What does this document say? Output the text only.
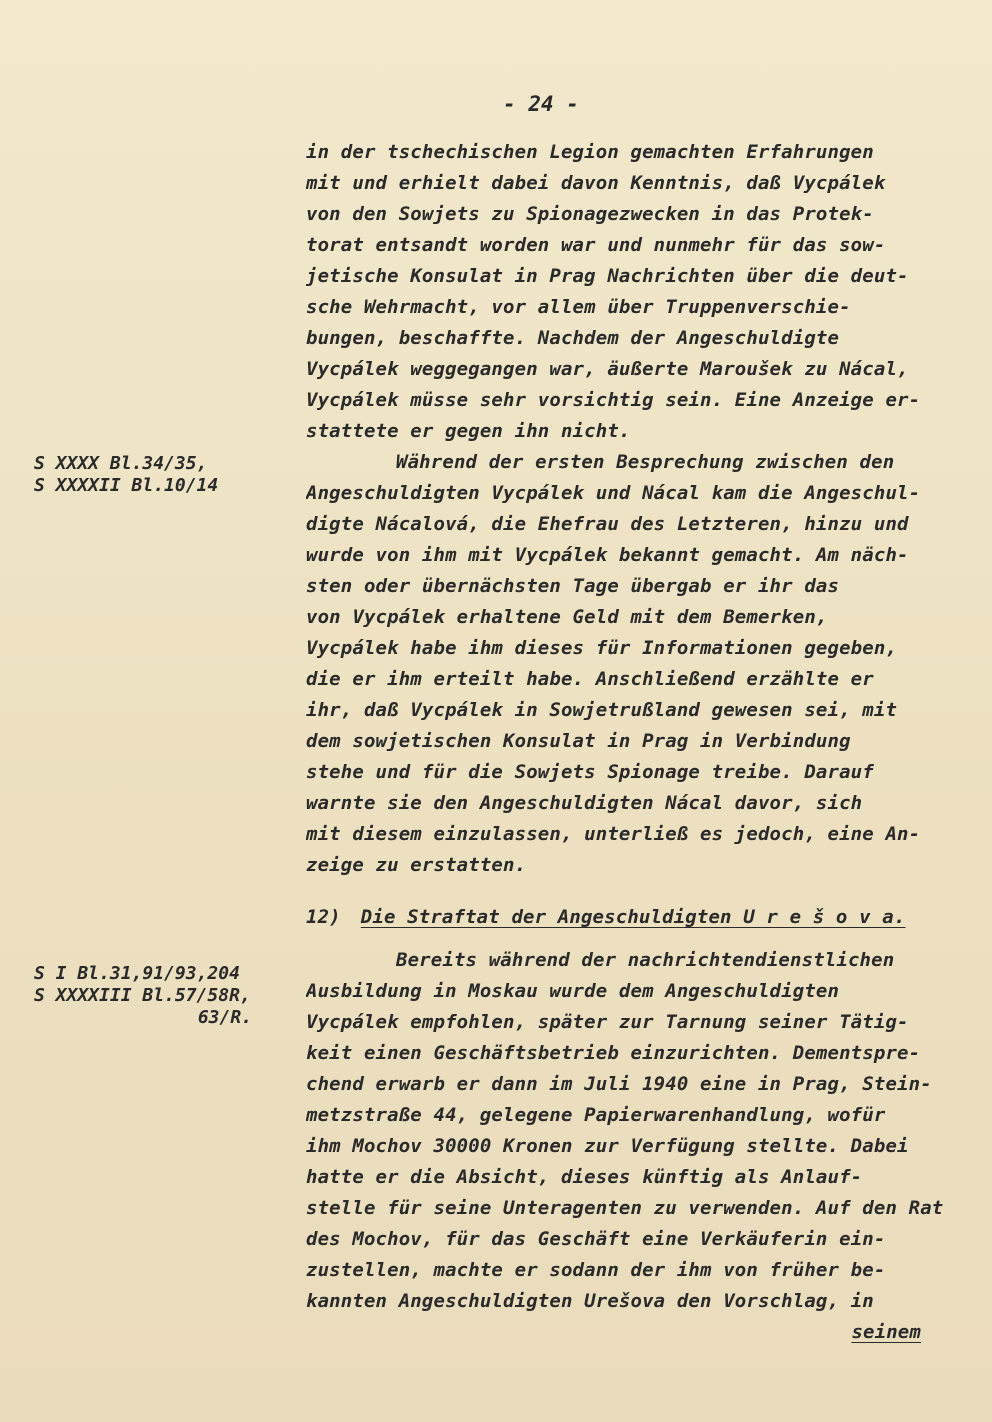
- 24 -
S XXXX Bl.34/35,
S XXXXII Bl.10/14
S I Bl.31,91/93,204
S XXXXIII Bl.57/58R,
63/R.
in der tschechischen Legion gemachten Erfahrungen
mit und erhielt dabei davon Kenntnis, daß Vycpálek
von den Sowjets zu Spionagezwecken in das Protek-
torat entsandt worden war und nunmehr für das sow-
jetische Konsulat in Prag Nachrichten über die deut-
sche Wehrmacht, vor allem über Truppenverschie-
bungen, beschaffte. Nachdem der Angeschuldigte
Vycpálek weggegangen war, äußerte Maroušek zu Nácal,
Vycpálek müsse sehr vorsichtig sein. Eine Anzeige er-
stattete er gegen ihn nicht.
Während der ersten Besprechung zwischen den
Angeschuldigten Vycpálek und Nácal kam die Angeschul-
digte Nácalová, die Ehefrau des Letzteren, hinzu und
wurde von ihm mit Vycpálek bekannt gemacht. Am näch-
sten oder übernächsten Tage übergab er ihr das
von Vycpálek erhaltene Geld mit dem Bemerken,
Vycpálek habe ihm dieses für Informationen gegeben,
die er ihm erteilt habe. Anschließend erzählte er
ihr, daß Vycpálek in Sowjetrußland gewesen sei, mit
dem sowjetischen Konsulat in Prag in Verbindung
stehe und für die Sowjets Spionage treibe. Darauf
warnte sie den Angeschuldigten Nácal davor, sich
mit diesem einzulassen, unterließ es jedoch, eine An-
zeige zu erstatten.
12) Die Straftat der Angeschuldigten U r e š o v a.
Bereits während der nachrichtendienstlichen
Ausbildung in Moskau wurde dem Angeschuldigten
Vycpálek empfohlen, später zur Tarnung seiner Tätig-
keit einen Geschäftsbetrieb einzurichten. Dementspre-
chend erwarb er dann im Juli 1940 eine in Prag, Stein-
metzstraße 44, gelegene Papierwarenhandlung, wofür
ihm Mochov 30000 Kronen zur Verfügung stellte. Dabei
hatte er die Absicht, dieses künftig als Anlauf-
stelle für seine Unteragenten zu verwenden. Auf den Rat
des Mochov, für das Geschäft eine Verkäuferin ein-
zustellen, machte er sodann der ihm von früher be-
kannten Angeschuldigten Urešova den Vorschlag, in
seinem
